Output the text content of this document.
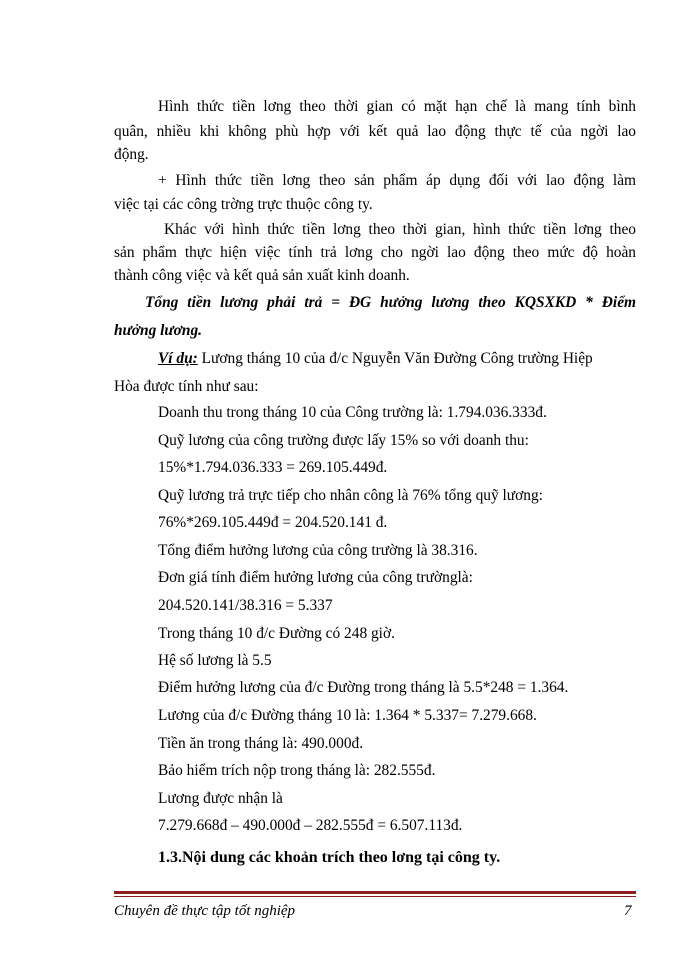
Hình thức tiền lơng theo thời gian có mặt hạn chế là mang tính bình
quân, nhiều khi không phù hợp với kết quả lao động thực tế của ngời lao
động.
+ Hình thức tiền lơng theo sản phẩm áp dụng đối với lao động làm
việc tại các công trờng trực thuộc công ty.
Khác với hình thức tiền lơng theo thời gian, hình thức tiền lơng theo
sản phẩm thực hiện việc tính trả lơng cho ngời lao động theo mức độ hoàn
thành công việc và kết quả sản xuất kinh doanh.
Tổng tiền lương phải trả = ĐG hưởng lương theo KQSXKD * Điểm
hưởng lương.
Ví dụ: Lương tháng 10 của đ/c Nguyễn Văn Đường Công trường Hiệp
Hòa được tính như sau:
Doanh thu trong tháng 10 của Công trường là: 1.794.036.333đ.
Quỹ lương của công trường được lấy 15% so với doanh thu:
15%*1.794.036.333 = 269.105.449đ.
Quỹ lương trả trực tiếp cho nhân công là 76% tổng quỹ lương:
76%*269.105.449đ = 204.520.141 đ.
Tổng điểm hưởng lương của công trường là 38.316.
Đơn giá tính điểm hưởng lương của công trườnglà:
204.520.141/38.316 = 5.337
Trong tháng 10 đ/c Đường có 248 giờ.
Hệ số lương là 5.5
Điểm hưởng lương của đ/c Đường trong tháng là 5.5*248 = 1.364.
Lương của đ/c Đường tháng 10 là: 1.364 * 5.337= 7.279.668.
Tiền ăn trong tháng là: 490.000đ.
Bảo hiểm trích nộp trong tháng là: 282.555đ.
Lương được nhận là
7.279.668đ – 490.000đ – 282.555đ = 6.507.113đ.
1.3.Nội dung các khoản trích theo lơng tại công ty.
Chuyên đề thực tập tốt nghiệp	7
